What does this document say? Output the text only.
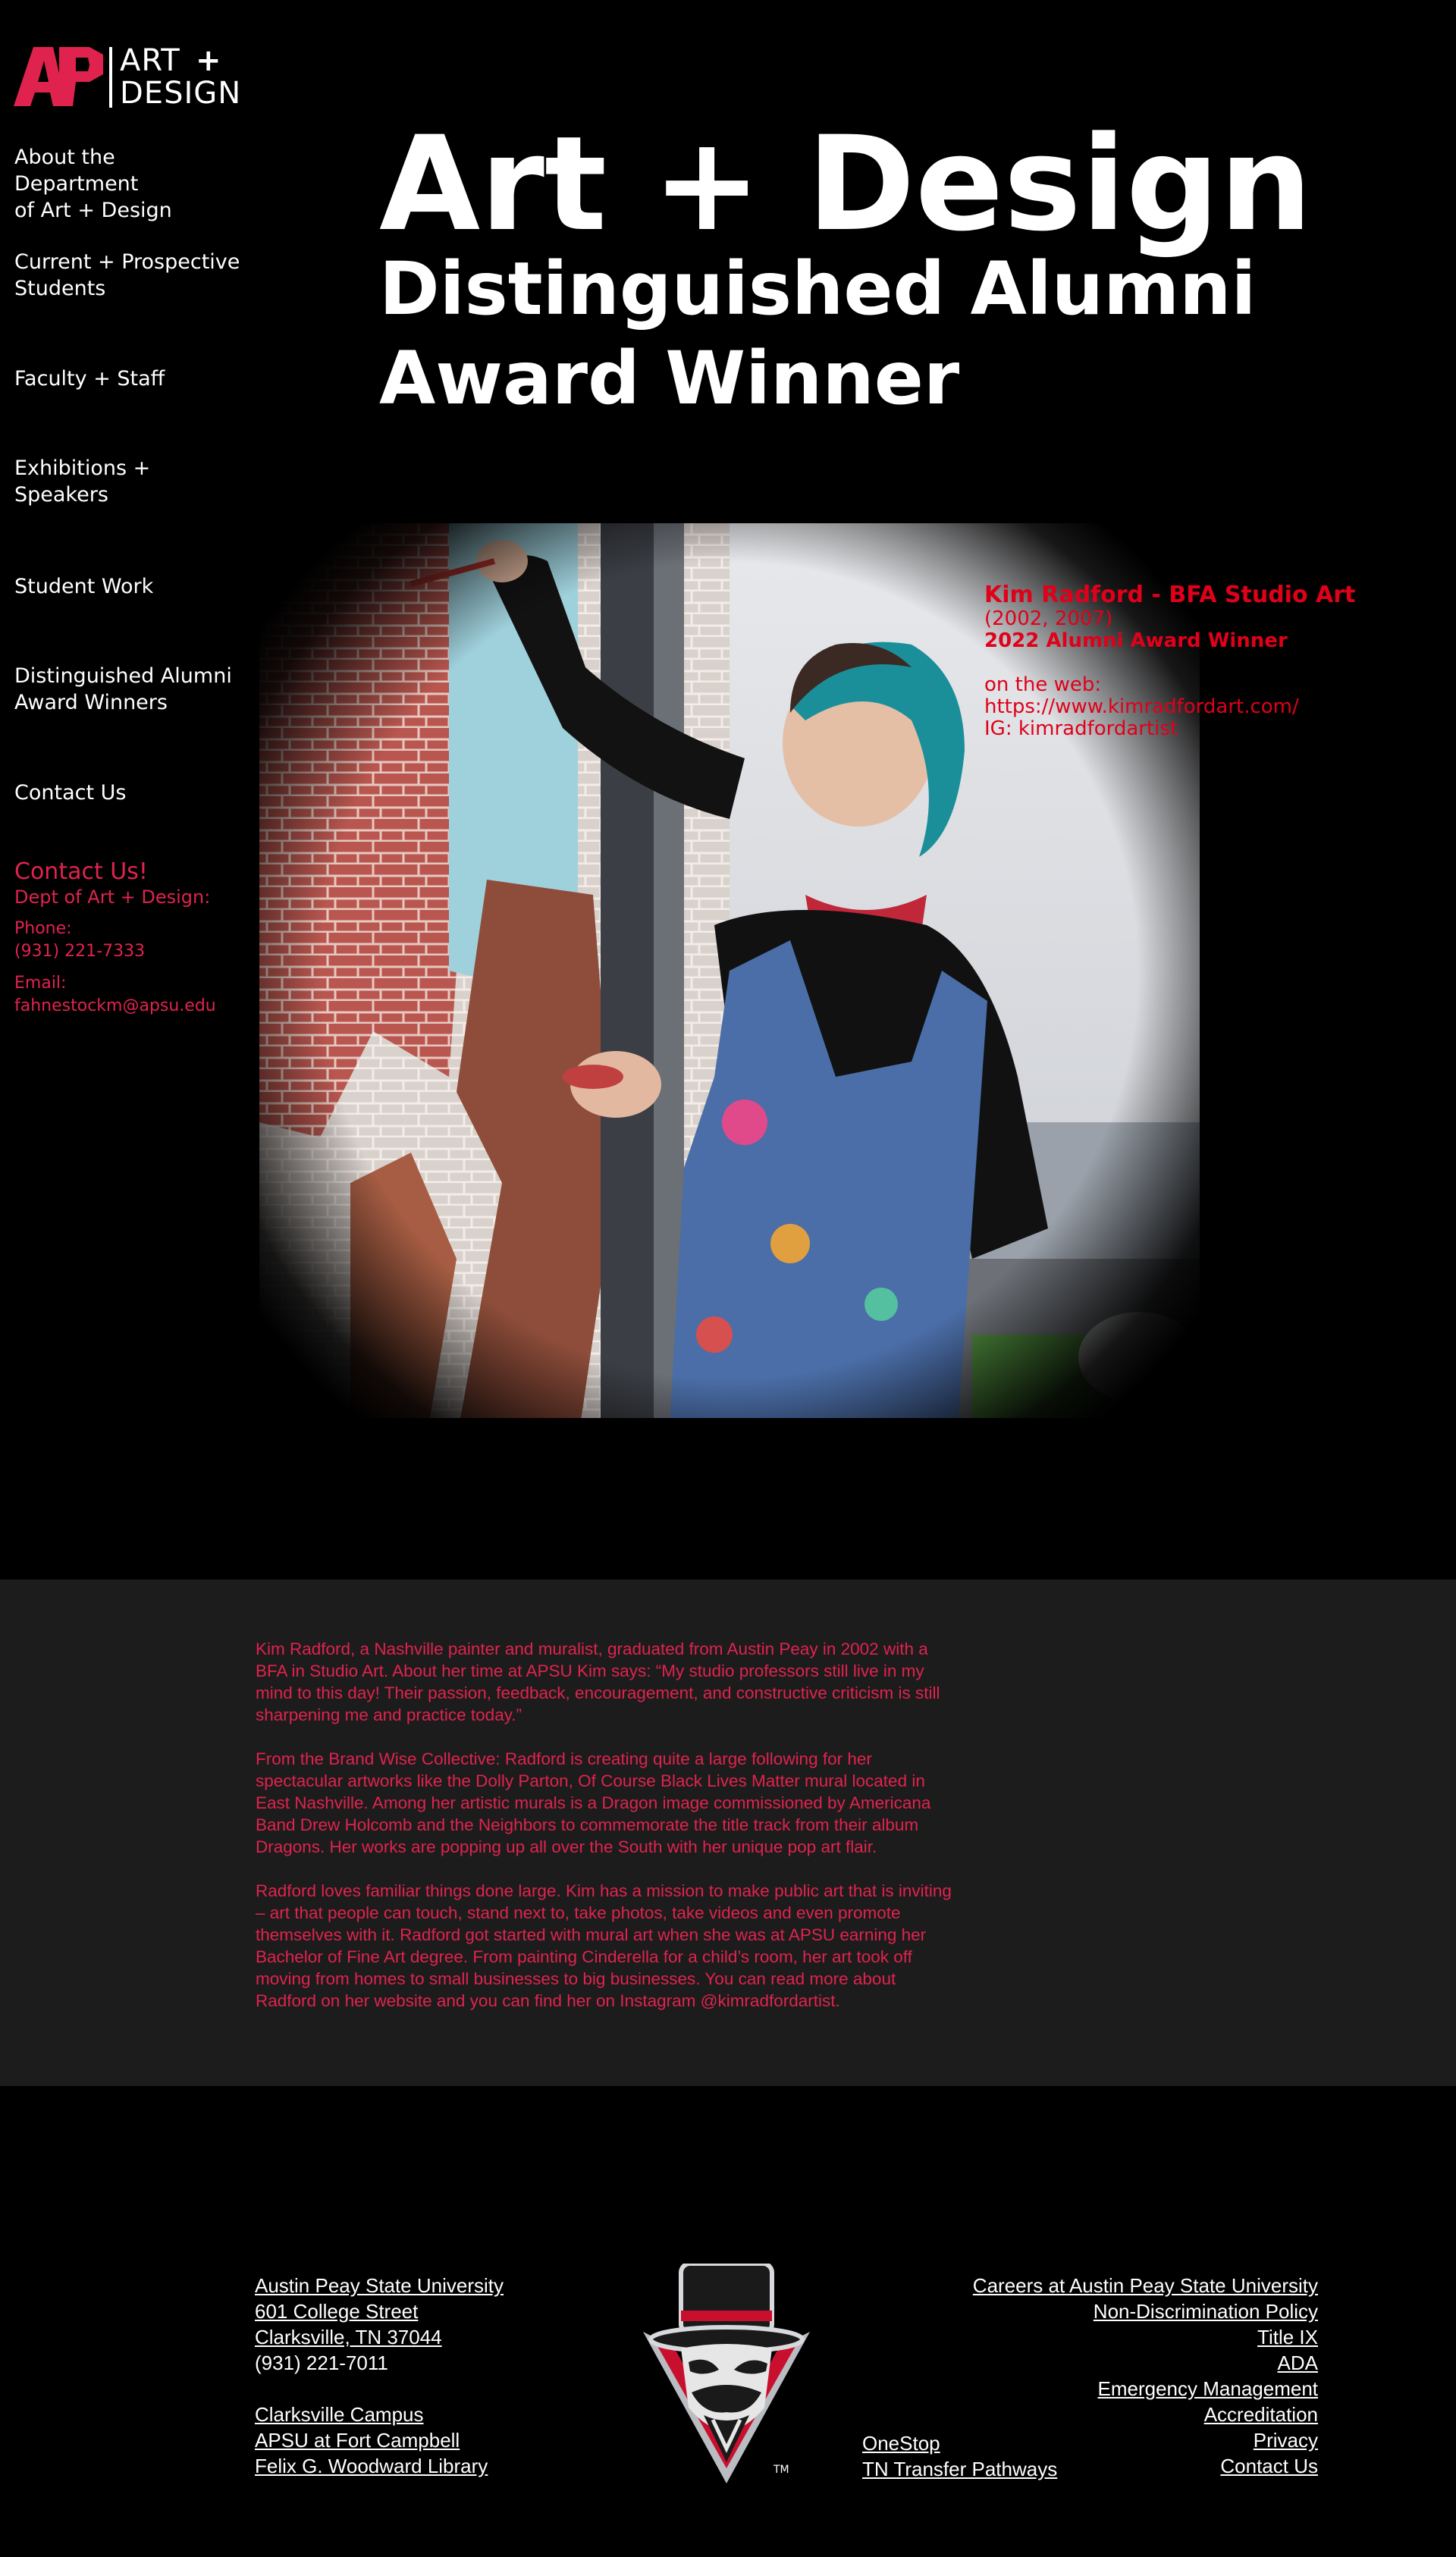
ART +
DESIGN
About the Department
of Art + Design
Current + Prospective
Students
Faculty + Staff
Exhibitions +
Speakers
Student Work
Distinguished Alumni
Award Winners
Contact Us
Contact Us!
Dept of Art + Design:
Phone:
(931) 221-7333
Email:
fahnestockm@apsu.edu
Art + Design
Distinguished Alumni
Award Winner
Kim Radford - BFA Studio Art
(2002, 2007)
2022 Alumni Award Winner
on the web:
https://www.kimradfordart.com/
IG: kimradfordartist

Kim Radford, a Nashville painter and muralist, graduated from Austin Peay in 2002 with a BFA in Studio Art. About her time at APSU Kim says: “My studio professors still live in my mind to this day! Their passion, feedback, encouragement, and constructive criticism is still sharpening me and practice today.”

From the Brand Wise Collective: Radford is creating quite a large following for her spectacular artworks like the Dolly Parton, Of Course Black Lives Matter mural located in East Nashville. Among her artistic murals is a Dragon image commissioned by Americana Band Drew Holcomb and the Neighbors to commemorate the title track from their album Dragons. Her works are popping up all over the South with her unique pop art flair.

Radford loves familiar things done large. Kim has a mission to make public art that is inviting – art that people can touch, stand next to, take photos, take videos and even promote themselves with it. Radford got started with mural art when she was at APSU earning her Bachelor of Fine Art degree. From painting Cinderella for a child’s room, her art took off moving from homes to small businesses to big businesses. You can read more about Radford on her website and you can find her on Instagram @kimradfordartist.

Austin Peay State University
601 College Street
Clarksville, TN 37044
(931) 221-7011
Clarksville Campus
APSU at Fort Campbell
Felix G. Woodward Library	TM
OneStop
TN Transfer Pathways
Careers at Austin Peay State University
Non-Discrimination Policy
Title IX
ADA
Emergency Management
Accreditation
Privacy
Contact Us
